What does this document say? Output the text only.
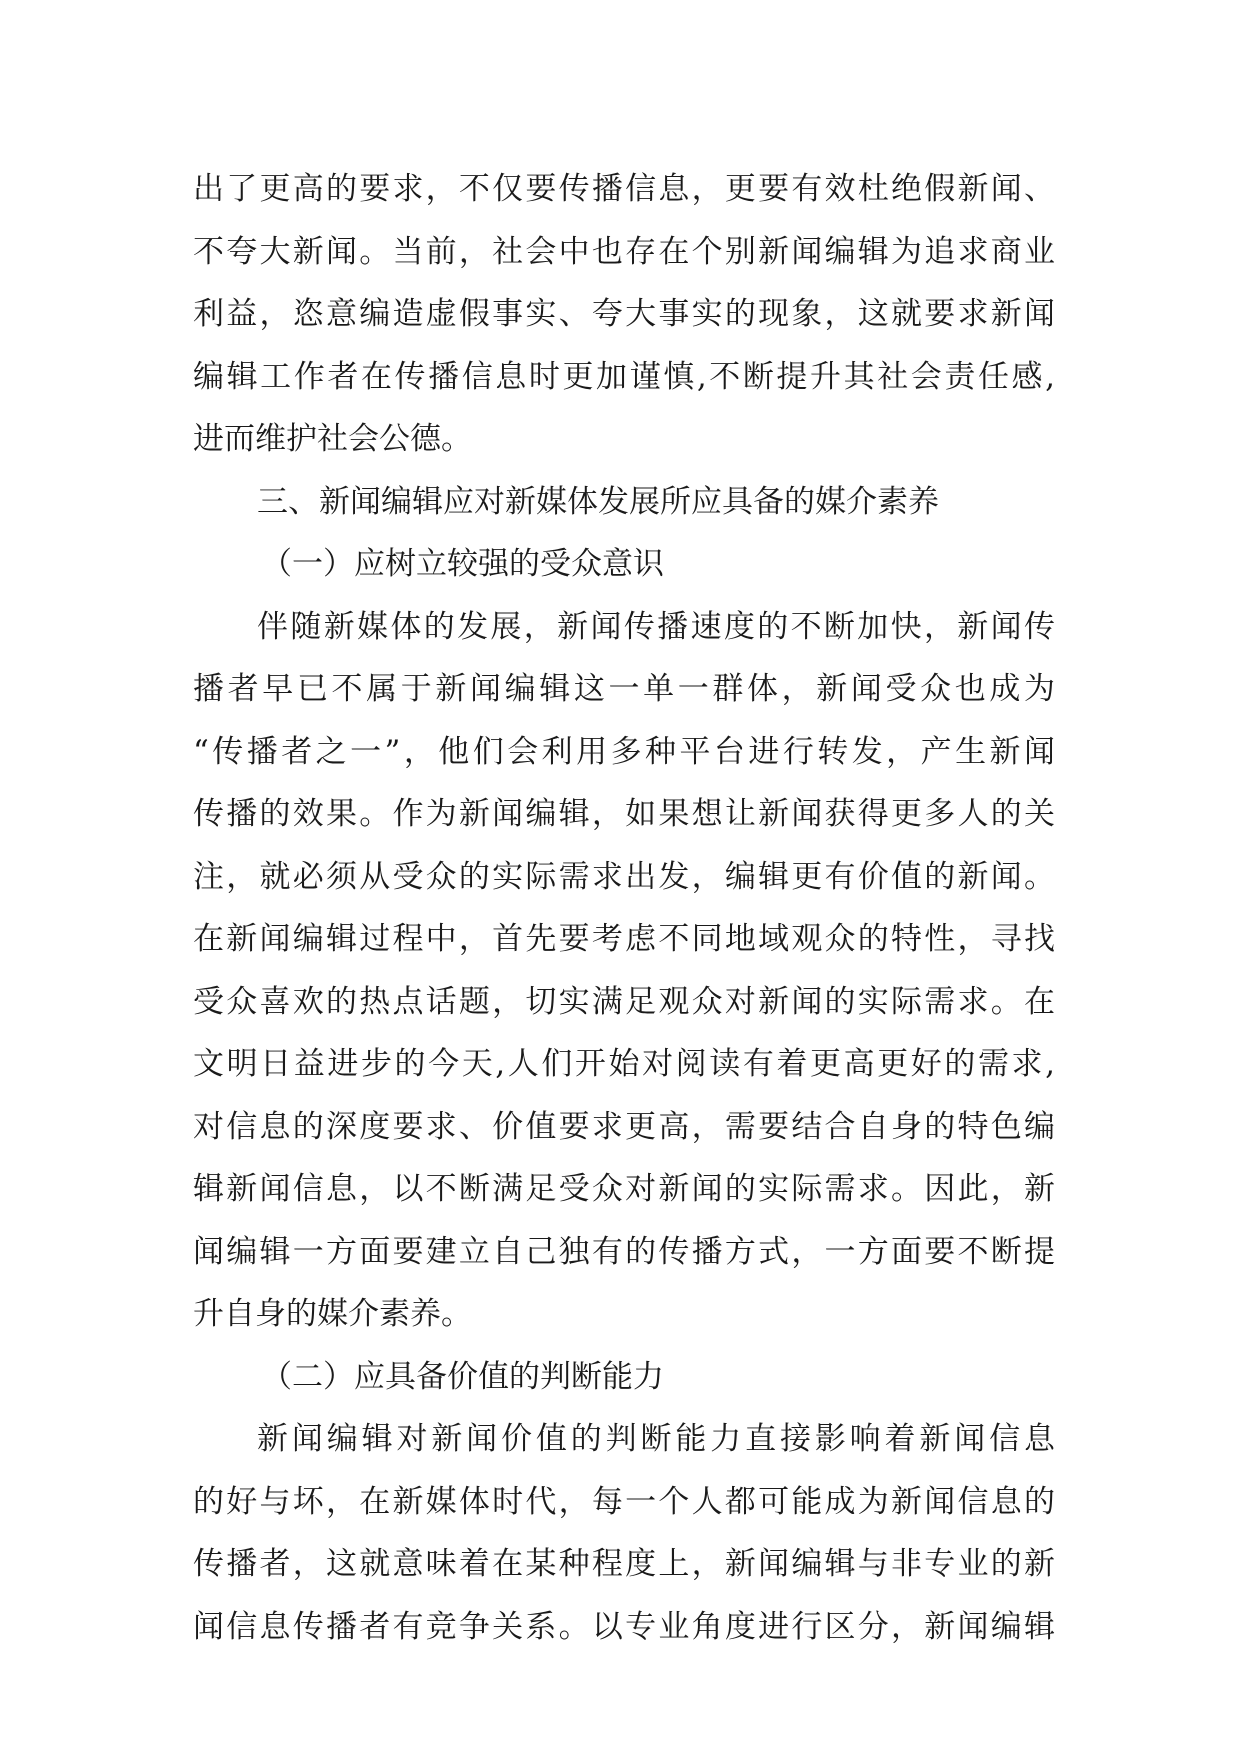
出了更高的要求，不仅要传播信息，更要有效杜绝假新闻、
不夸大新闻。当前，社会中也存在个别新闻编辑为追求商业
利益，恣意编造虚假事实、夸大事实的现象，这就要求新闻
编辑工作者在传播信息时更加谨慎,不断提升其社会责任感,
进而维护社会公德。
三、新闻编辑应对新媒体发展所应具备的媒介素养
（一）应树立较强的受众意识
伴随新媒体的发展，新闻传播速度的不断加快，新闻传
播者早已不属于新闻编辑这一单一群体，新闻受众也成为
“传播者之一”，他们会利用多种平台进行转发，产生新闻
传播的效果。作为新闻编辑，如果想让新闻获得更多人的关
注，就必须从受众的实际需求出发，编辑更有价值的新闻。
在新闻编辑过程中，首先要考虑不同地域观众的特性，寻找
受众喜欢的热点话题，切实满足观众对新闻的实际需求。在
文明日益进步的今天,人们开始对阅读有着更高更好的需求,
对信息的深度要求、价值要求更高，需要结合自身的特色编
辑新闻信息，以不断满足受众对新闻的实际需求。因此，新
闻编辑一方面要建立自己独有的传播方式，一方面要不断提
升自身的媒介素养。
（二）应具备价值的判断能力
新闻编辑对新闻价值的判断能力直接影响着新闻信息
的好与坏，在新媒体时代，每一个人都可能成为新闻信息的
传播者，这就意味着在某种程度上，新闻编辑与非专业的新
闻信息传播者有竞争关系。以专业角度进行区分，新闻编辑
